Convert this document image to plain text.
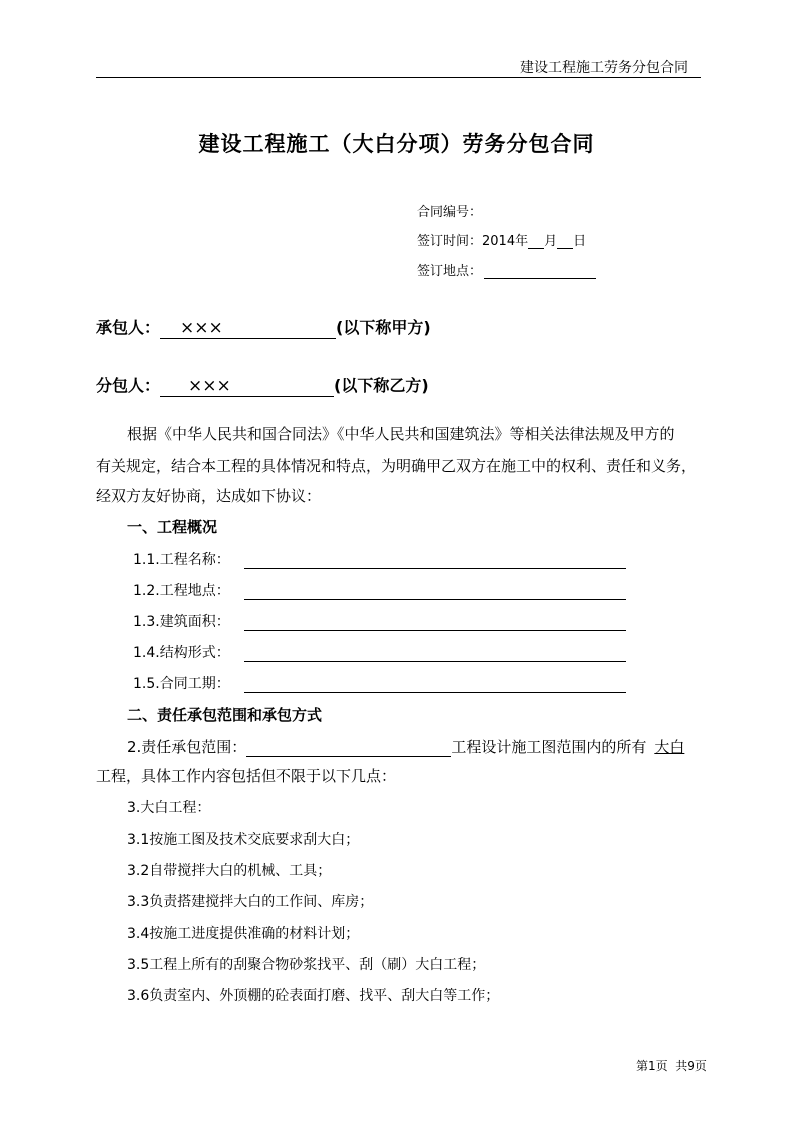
建设工程施工劳务分包合同
建设工程施工（大白分项）劳务分包合同
合同编号：
签订时间：2014年 月 日
签订地点：
承包人： ×××	(以下称甲方)
分包人： ×××	(以下称乙方)
根据《中华人民共和国合同法》《中华人民共和国建筑法》等相关法律法规及甲方的
有关规定，结合本工程的具体情况和特点，为明确甲乙双方在施工中的权利、责任和义务，
经双方友好协商，达成如下协议：
一、工程概况
1.1.工程名称：
1.2.工程地点：
1.3.建筑面积：
1.4.结构形式：
1.5.合同工期：
二、责任承包范围和承包方式
2.责任承包范围：	工程设计施工图范围内的所有 大白
工程，具体工作内容包括但不限于以下几点：
3.大白工程：
3.1按施工图及技术交底要求刮大白；
3.2自带搅拌大白的机械、工具；
3.3负责搭建搅拌大白的工作间、库房；
3.4按施工进度提供准确的材料计划；
3.5工程上所有的刮聚合物砂浆找平、刮（刷）大白工程；
3.6负责室内、外顶棚的砼表面打磨、找平、刮大白等工作；
第1页  共9页
